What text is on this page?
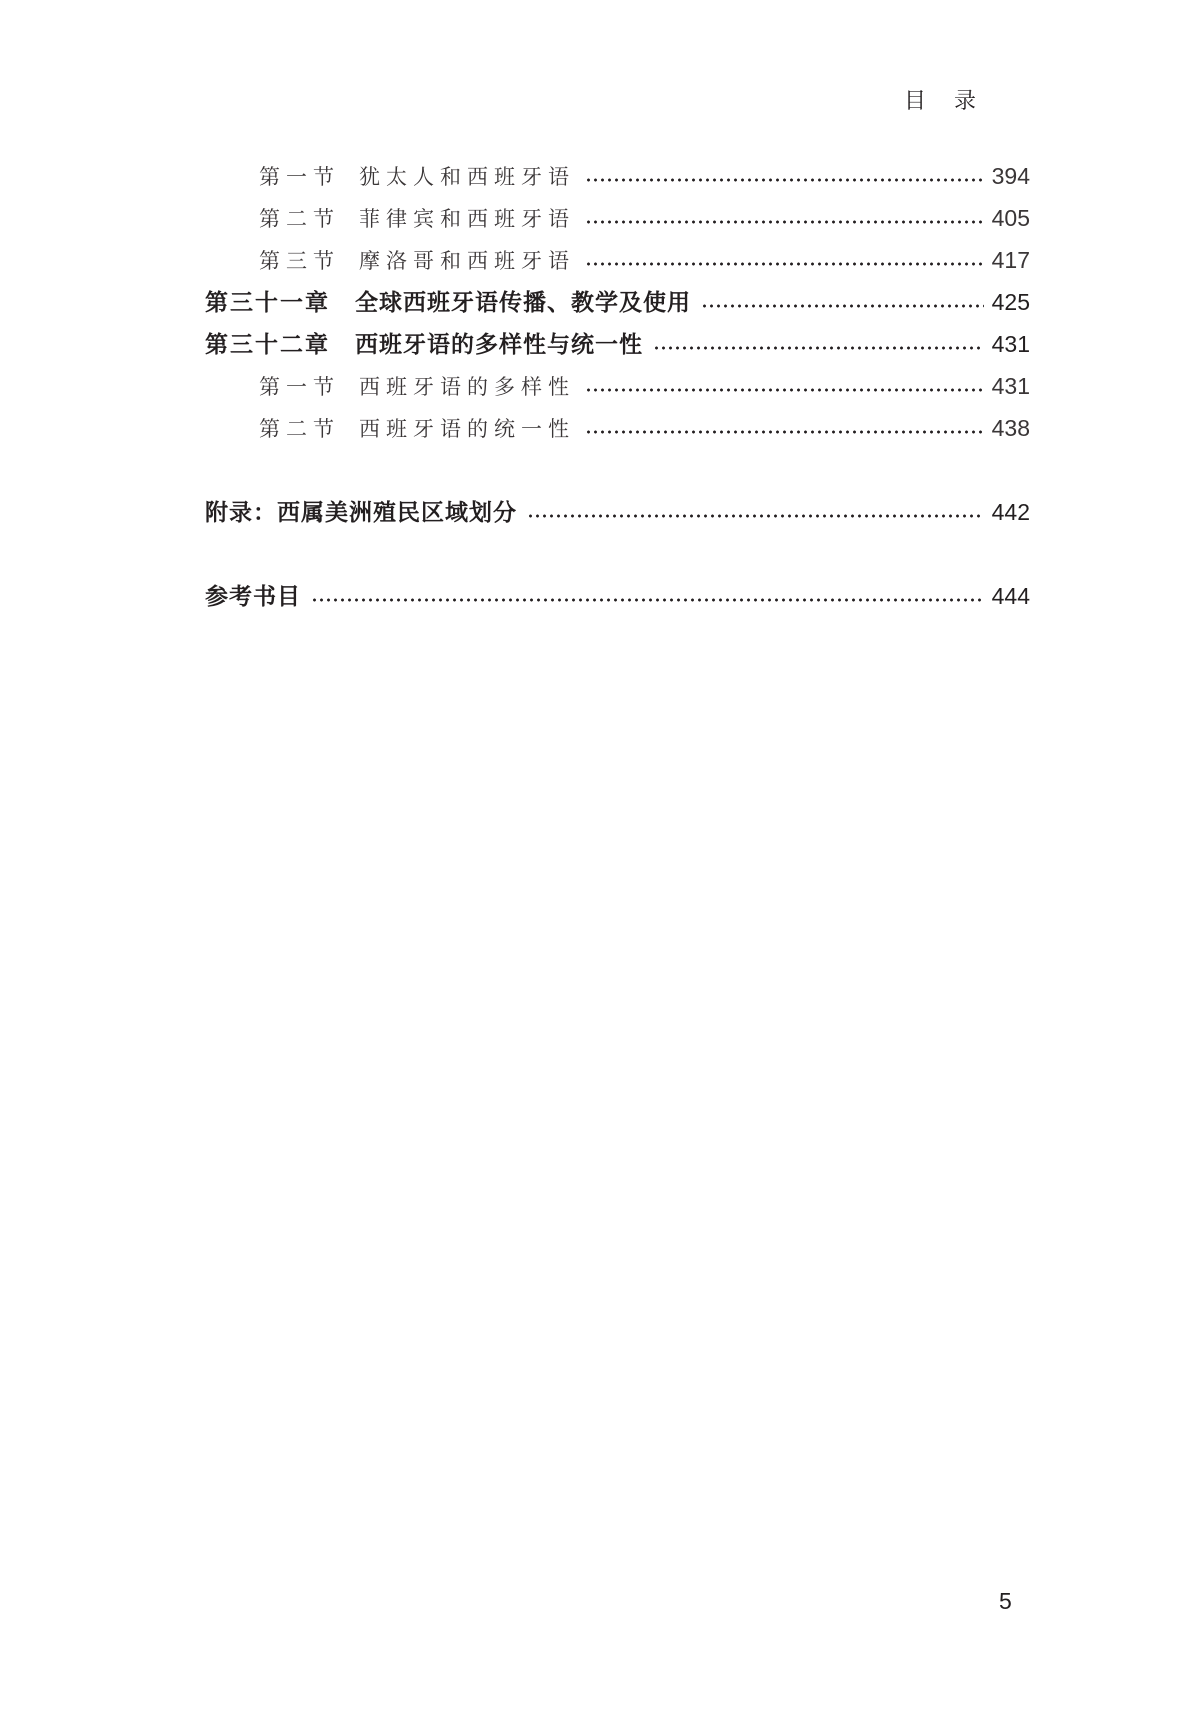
目录
第一节 犹太人和西班牙语	394
第二节 菲律宾和西班牙语	405
第三节 摩洛哥和西班牙语	417
第三十一章	全球西班牙语传播、教学及使用	425
第三十二章	西班牙语的多样性与统一性	431
第一节 西班牙语的多样性	431
第二节 西班牙语的统一性	438
附录：西属美洲殖民区域划分	442
参考书目	444
5
